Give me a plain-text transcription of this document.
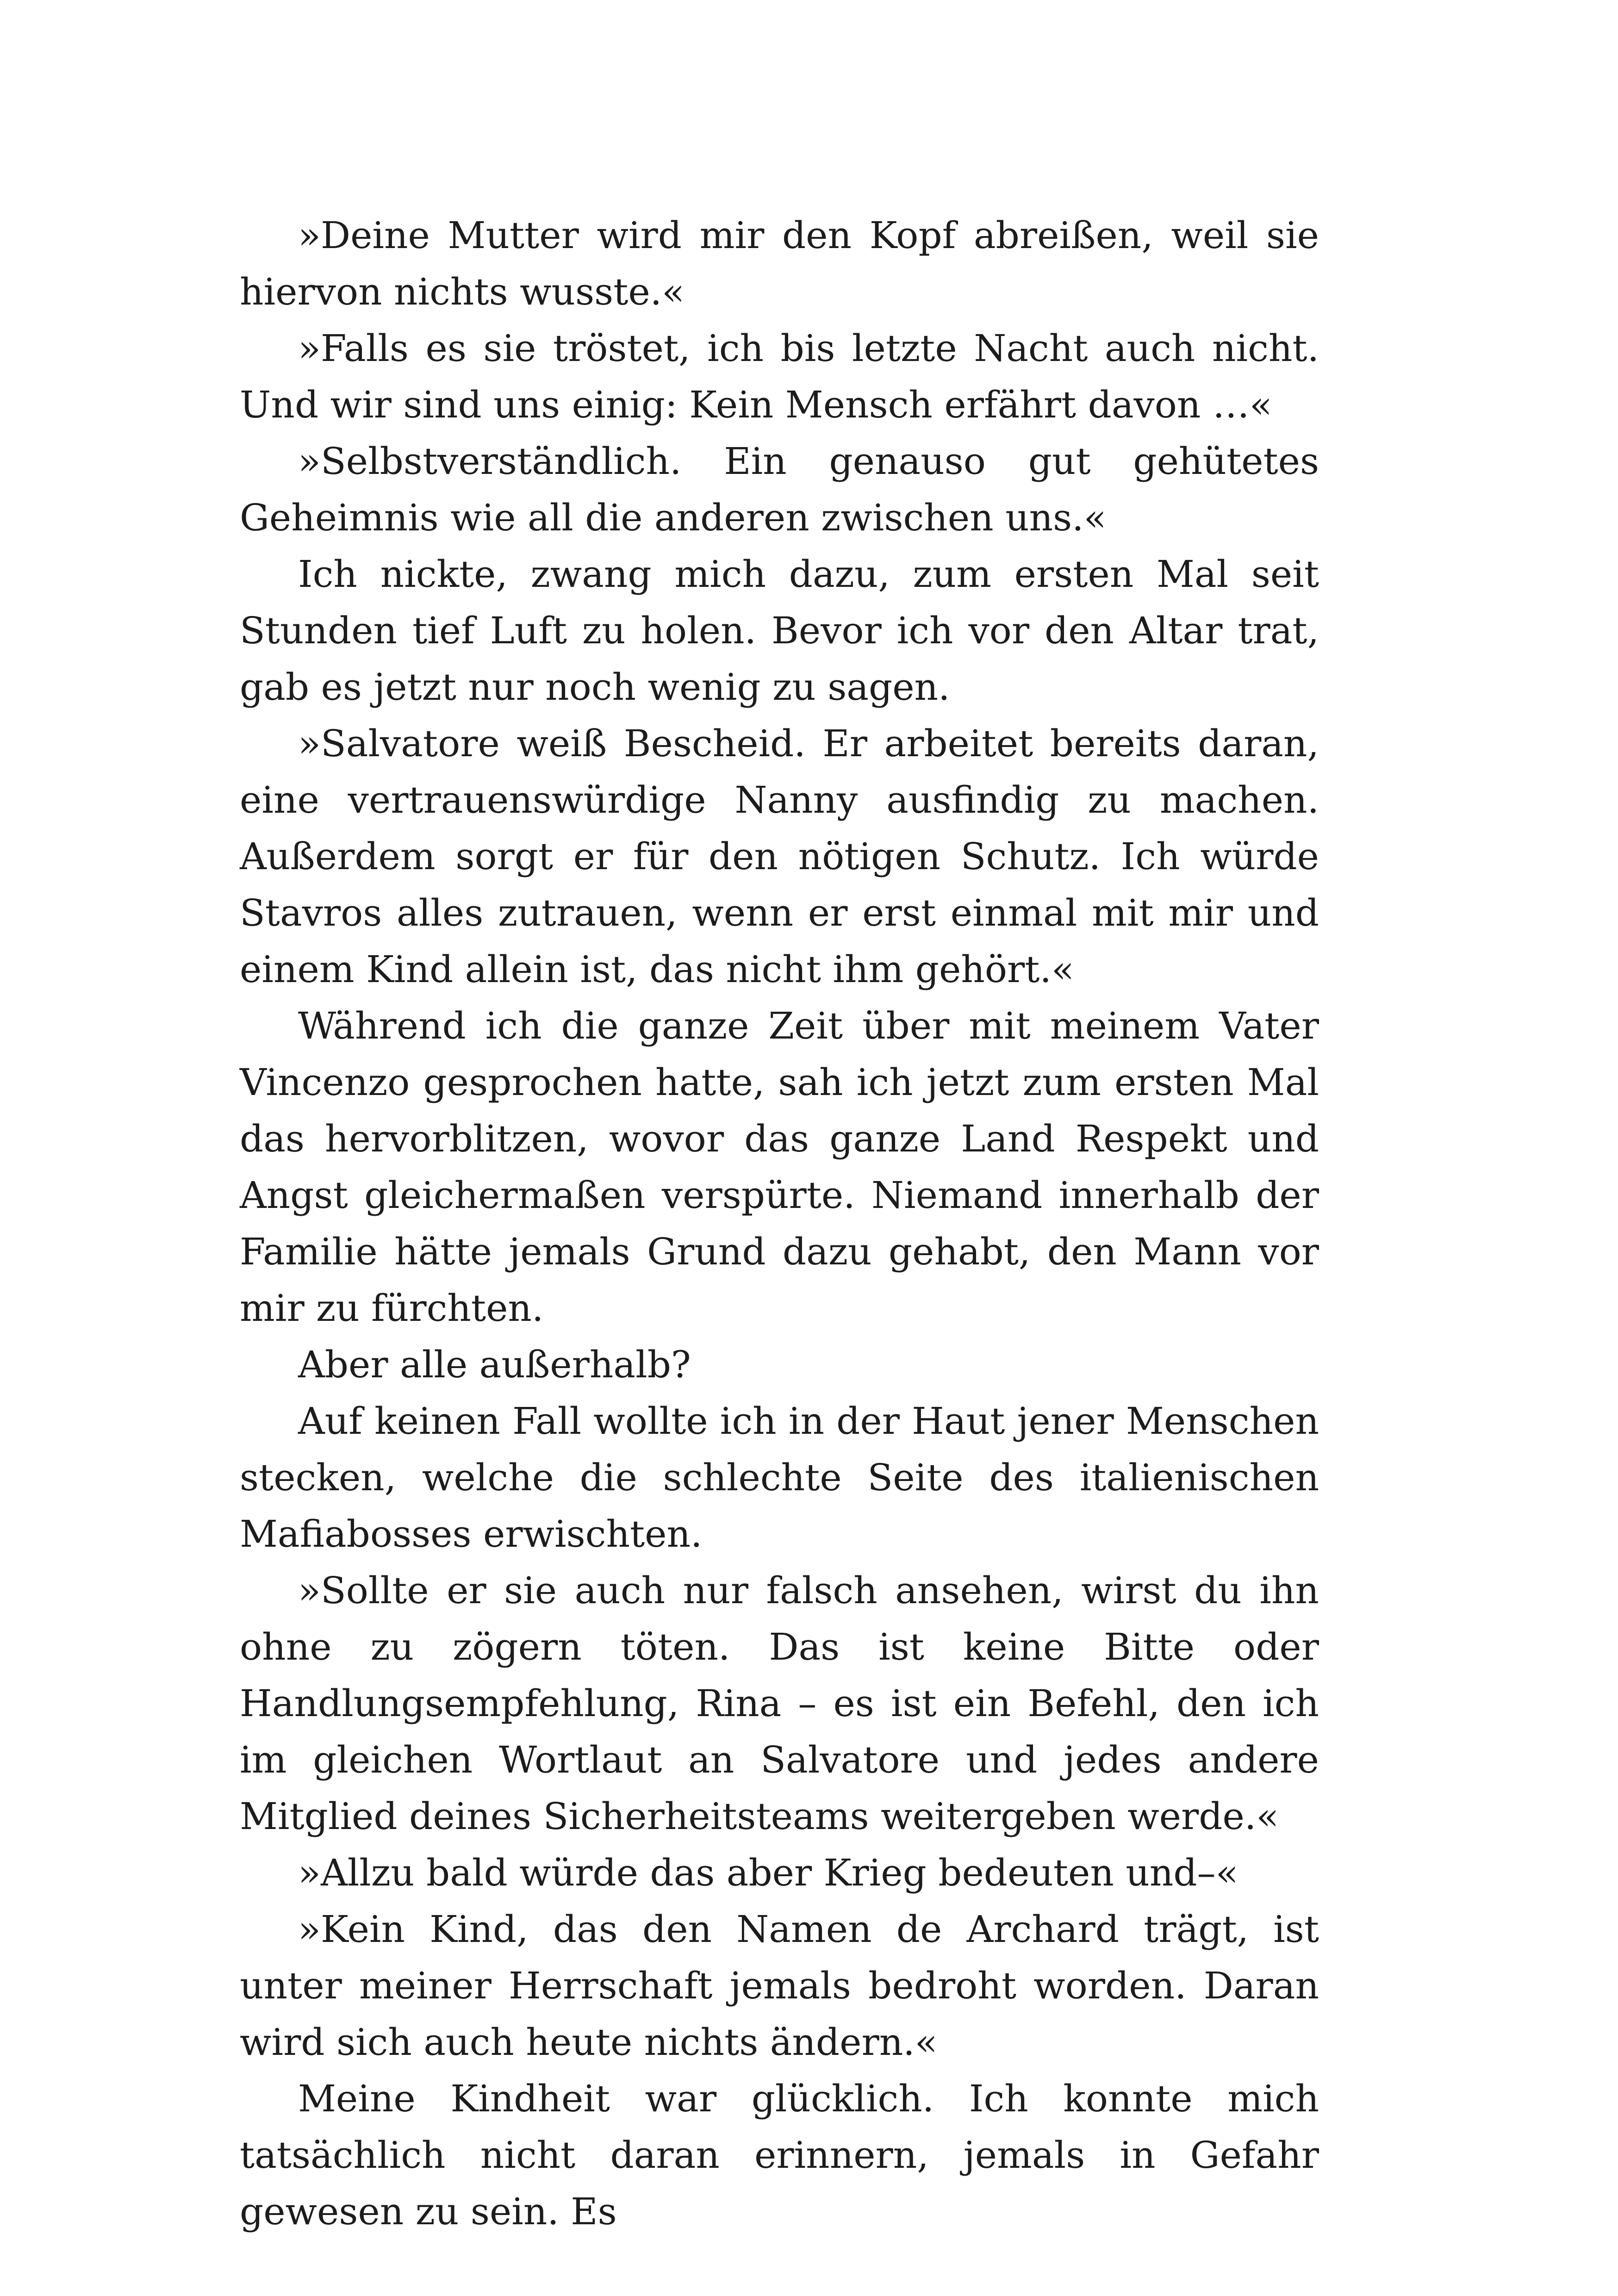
»Deine Mutter wird mir den Kopf abreißen, weil sie hiervon nichts wusste.«

»Falls es sie tröstet, ich bis letzte Nacht auch nicht. Und wir sind uns einig: Kein Mensch erfährt davon …«

»Selbstverständlich. Ein genauso gut gehütetes Geheimnis wie all die anderen zwischen uns.«

Ich nickte, zwang mich dazu, zum ersten Mal seit Stunden tief Luft zu holen. Bevor ich vor den Altar trat, gab es jetzt nur noch wenig zu sagen.

»Salvatore weiß Bescheid. Er arbeitet bereits daran, eine vertrauenswürdige Nanny ausfindig zu machen. Außerdem sorgt er für den nötigen Schutz. Ich würde Stavros alles zutrauen, wenn er erst einmal mit mir und einem Kind allein ist, das nicht ihm gehört.«

Während ich die ganze Zeit über mit meinem Vater Vincenzo gesprochen hatte, sah ich jetzt zum ersten Mal das hervorblitzen, wovor das ganze Land Respekt und Angst gleichermaßen verspürte. Niemand innerhalb der Familie hätte jemals Grund dazu gehabt, den Mann vor mir zu fürchten.

Aber alle außerhalb?

Auf keinen Fall wollte ich in der Haut jener Menschen stecken, welche die schlechte Seite des italienischen Mafiabosses erwischten.

»Sollte er sie auch nur falsch ansehen, wirst du ihn ohne zu zögern töten. Das ist keine Bitte oder Handlungsempfehlung, Rina – es ist ein Befehl, den ich im gleichen Wortlaut an Salvatore und jedes andere Mitglied deines Sicherheitsteams weitergeben werde.«

»Allzu bald würde das aber Krieg bedeuten und–«

»Kein Kind, das den Namen de Archard trägt, ist unter meiner Herrschaft jemals bedroht worden. Daran wird sich auch heute nichts ändern.«

Meine Kindheit war glücklich. Ich konnte mich tatsächlich nicht daran erinnern, jemals in Gefahr gewesen zu sein. Es
